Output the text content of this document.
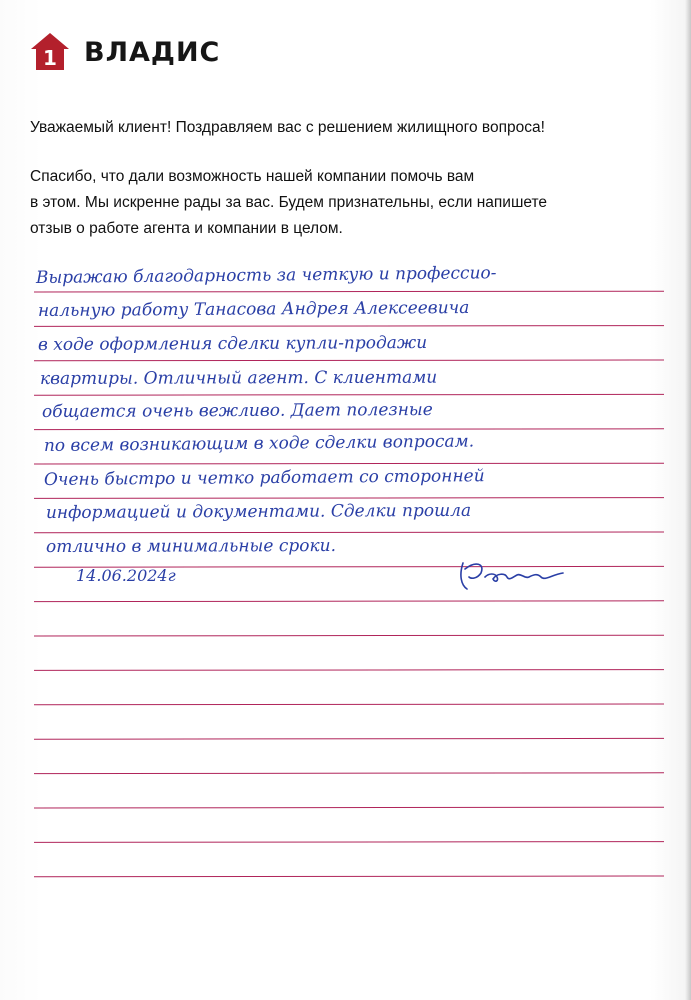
1 ВЛАДИС
Уважаемый клиент! Поздравляем вас с решением жилищного вопроса!
Спасибо, что дали возможность нашей компании помочь вам
в этом. Мы искренне рады за вас. Будем признательны, если напишете
отзыв о работе агента и компании в целом.
Выражаю благодарность за четкую и профессио-
нальную работу Танасова Андрея Алексеевича
в ходе оформления сделки купли-продажи
квартиры. Отличный агент. С клиентами
общается очень вежливо. Дает полезные
по всем возникающим в ходе сделки вопросам.
Очень быстро и четко работает со сторонней
информацией и документами. Сделки прошла
отлично в минимальные сроки.
14.06.2024г
